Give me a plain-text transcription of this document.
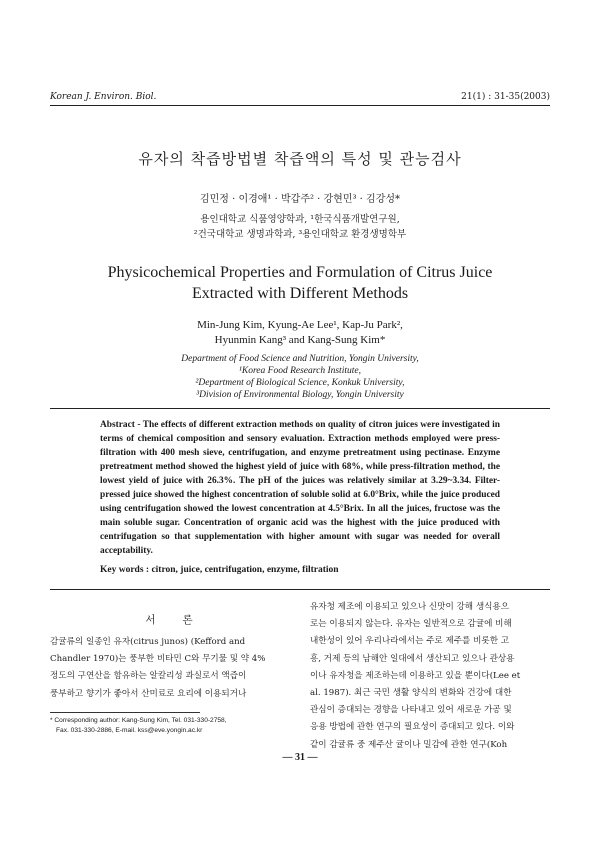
Korean J. Environ. Biol.	21(1) : 31-35(2003)
유자의 착즙방법별 착즙액의 특성 및 관능검사
김민정 · 이경애¹ · 박갑주² · 강현민³ · 김강성*
용인대학교 식품영양학과, ¹한국식품개발연구원,
²건국대학교 생명과학과, ³용인대학교 환경생명학부
Physicochemical Properties and Formulation of Citrus Juice
Extracted with Different Methods
Min-Jung Kim, Kyung-Ae Lee¹, Kap-Ju Park²,
Hyunmin Kang³ and Kang-Sung Kim*
Department of Food Science and Nutrition, Yongin University,
¹Korea Food Research Institute,
²Department of Biological Science, Konkuk University,
³Division of Environmental Biology, Yongin University
Abstract - The effects of different extraction methods on quality of citron juices were investigated in terms of chemical composition and sensory evaluation. Extraction methods employed were press-filtration with 400 mesh sieve, centrifugation, and enzyme pretreatment using pectinase. Enzyme pretreatment method showed the highest yield of juice with 68%, while press-filtration method, the lowest yield of juice with 26.3%. The pH of the juices was relatively similar at 3.29~3.34. Filter-pressed juice showed the highest concentration of soluble solid at 6.0°Brix, while the juice produced using centrifugation showed the lowest concentration at 4.5°Brix. In all the juices, fructose was the main soluble sugar. Concentration of organic acid was the highest with the juice produced with centrifugation so that supplementation with higher amount with sugar was needed for overall acceptability.
Key words : citron, juice, centrifugation, enzyme, filtration
서　　론
감귤류의 일종인 유자(citrus junos) (Kefford and
Chandler 1970)는 풍부한 비타민 C와 무기물 및 약 4%
정도의 구연산을 함유하는 알칼리성 과실로서 액즙이
풍부하고 향기가 좋아서 산미료로 요리에 이용되거나
* Corresponding author: Kang-Sung Kim, Tel. 031-330-2758,
Fax. 031-330-2886, E-mail. kss@eve.yongin.ac.kr
유자청 제조에 이용되고 있으나 신맛이 강해 생식용으
로는 이용되지 않는다. 유자는 일반적으로 감귤에 비해
내한성이 있어 우리나라에서는 주로 제주를 비롯한 고
흥, 거제 등의 남해안 일대에서 생산되고 있으나 관상용
이나 유자청을 제조하는데 이용하고 있을 뿐이다(Lee et
al. 1987). 최근 국민 생활 양식의 변화와 건강에 대한
관심이 증대되는 경향을 나타내고 있어 새로운 가공 및
응용 방법에 관한 연구의 필요성이 증대되고 있다. 이와
같이 감귤류 중 제주산 귤이나 밀감에 관한 연구(Koh
— 31 —
